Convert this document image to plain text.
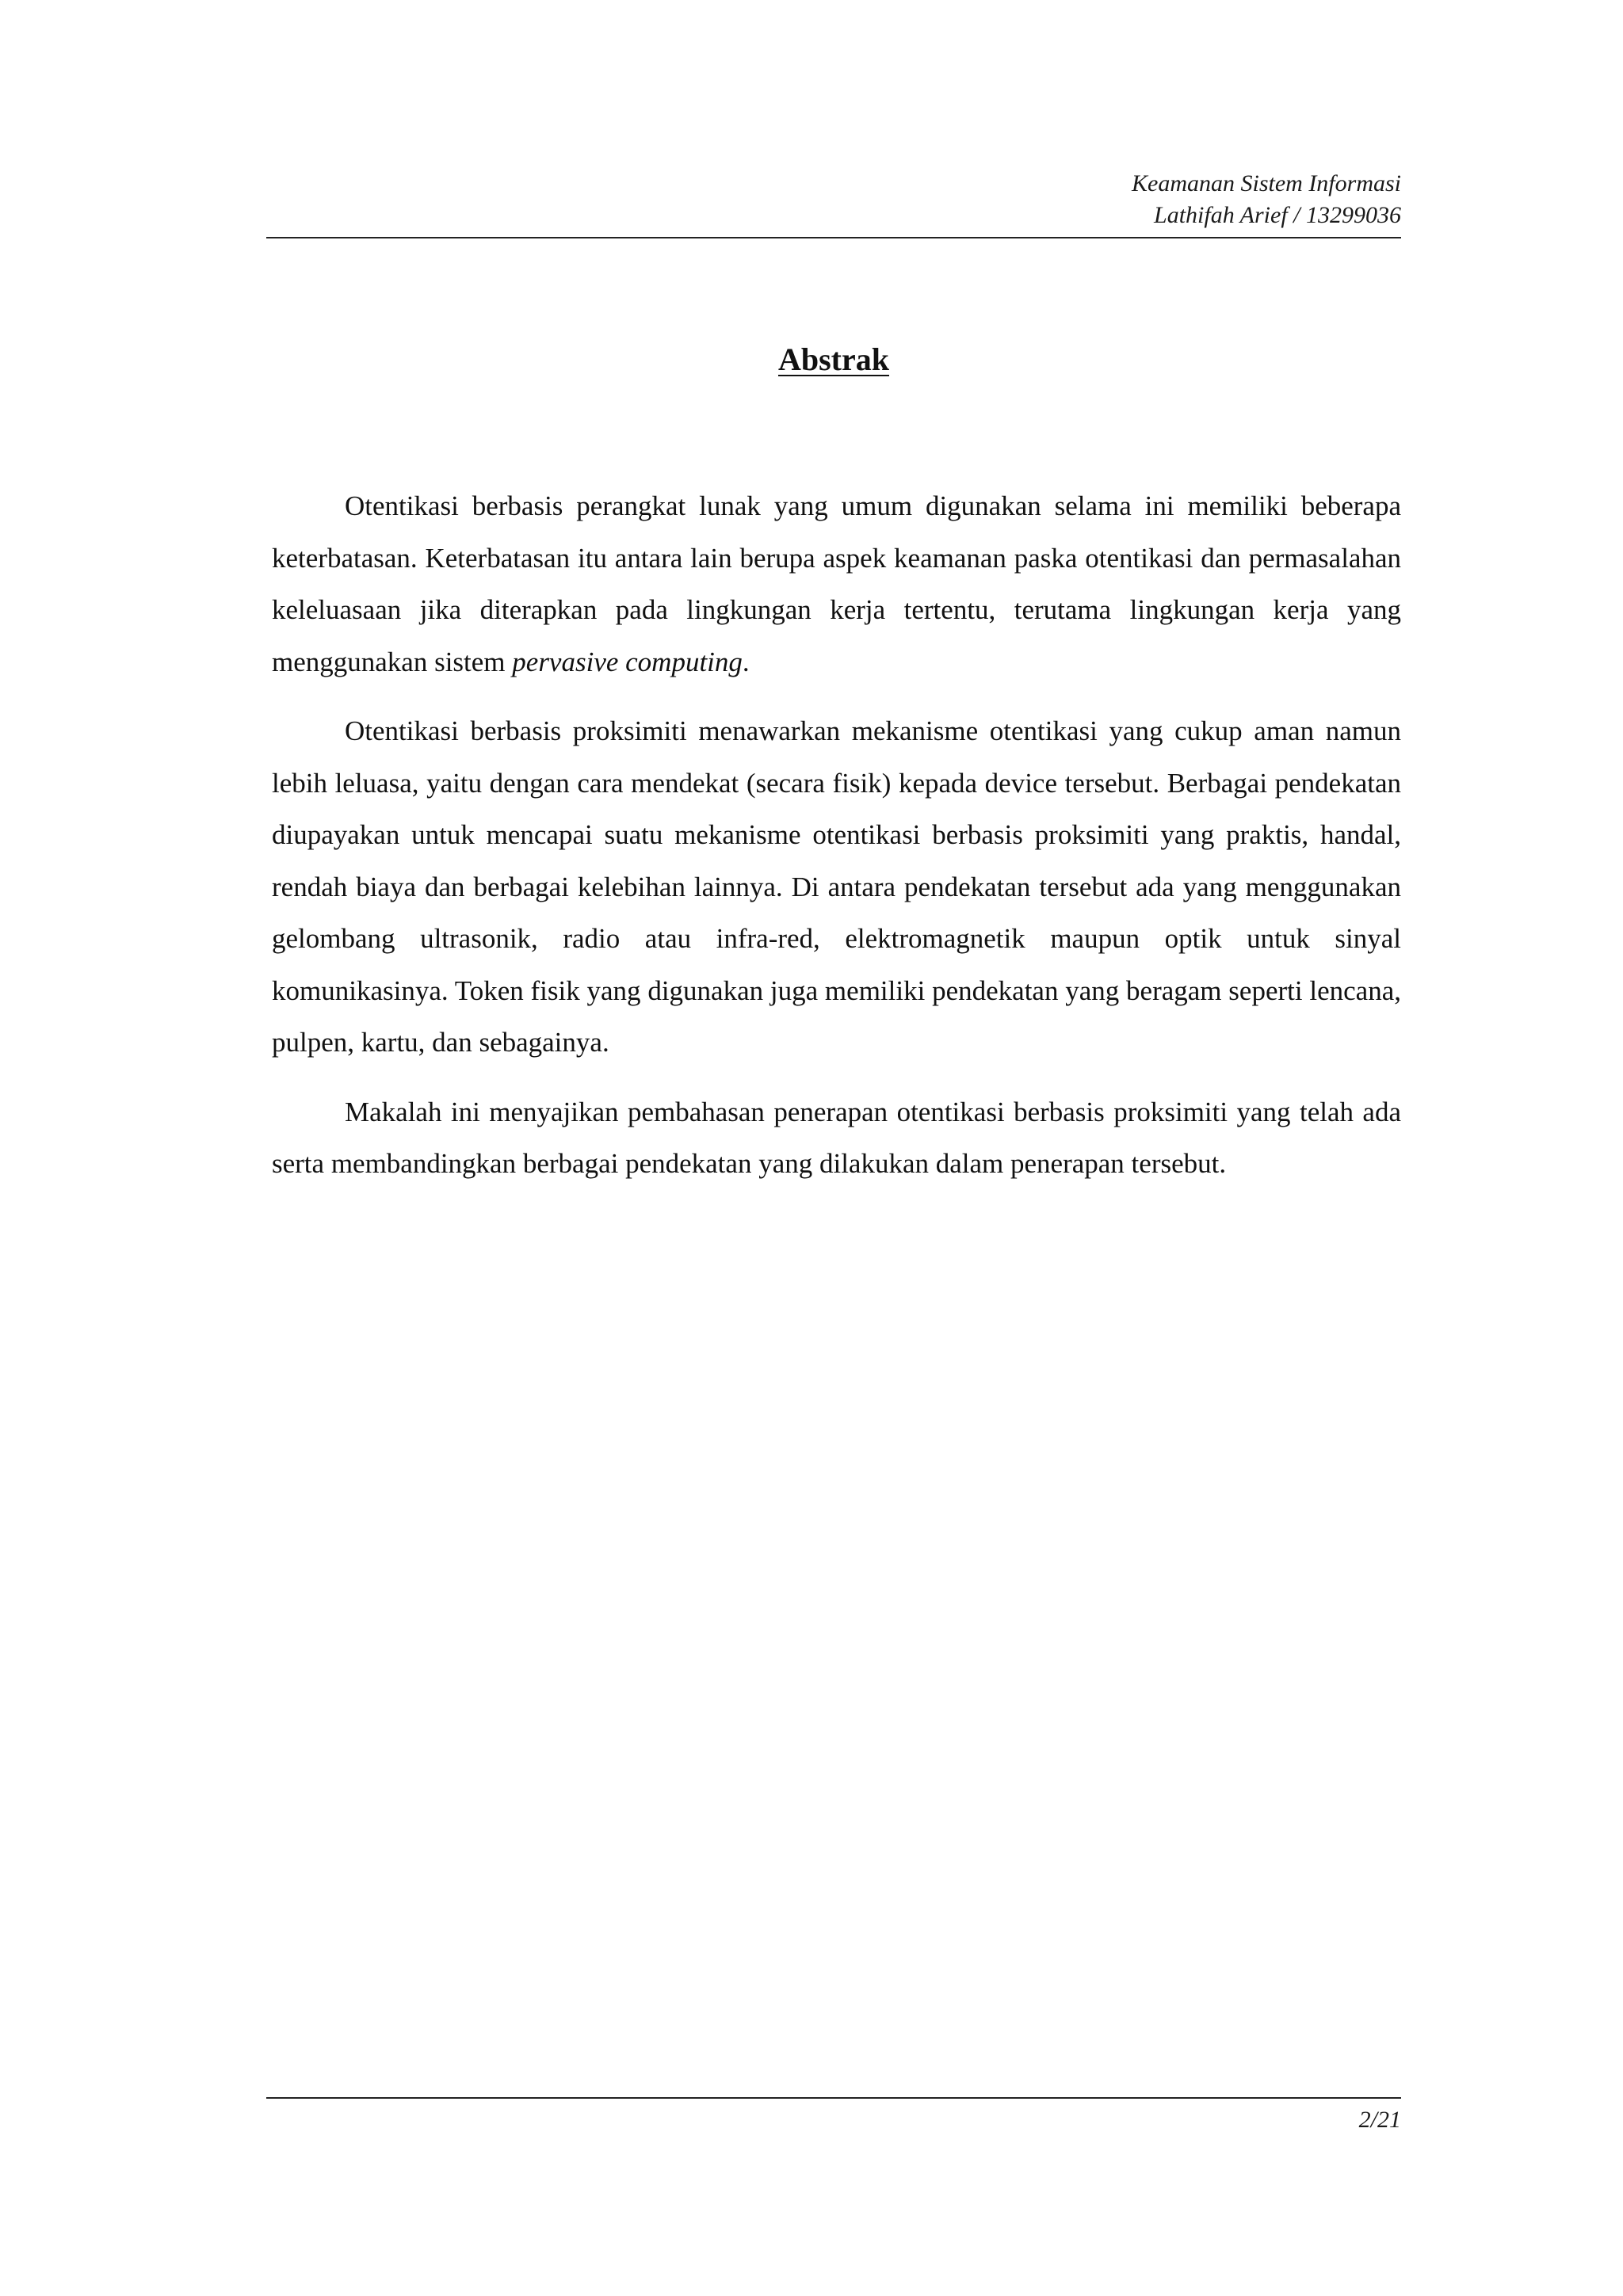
Keamanan Sistem Informasi
Lathifah Arief / 13299036
Abstrak

Otentikasi berbasis perangkat lunak yang umum digunakan selama ini memiliki beberapa keterbatasan. Keterbatasan itu antara lain berupa aspek keamanan paska otentikasi dan permasalahan keleluasaan jika diterapkan pada lingkungan kerja tertentu, terutama lingkungan kerja yang menggunakan sistem pervasive computing.

Otentikasi berbasis proksimiti menawarkan mekanisme otentikasi yang cukup aman namun lebih leluasa, yaitu dengan cara mendekat (secara fisik) kepada device tersebut. Berbagai pendekatan diupayakan untuk mencapai suatu mekanisme otentikasi berbasis proksimiti yang praktis, handal, rendah biaya dan berbagai kelebihan lainnya. Di antara pendekatan tersebut ada yang menggunakan gelombang ultrasonik, radio atau infra-red, elektromagnetik maupun optik untuk sinyal komunikasinya. Token fisik yang digunakan juga memiliki pendekatan yang beragam seperti lencana, pulpen, kartu, dan sebagainya.

Makalah ini menyajikan pembahasan penerapan otentikasi berbasis proksimiti yang telah ada serta membandingkan berbagai pendekatan yang dilakukan dalam penerapan tersebut.

2/21
